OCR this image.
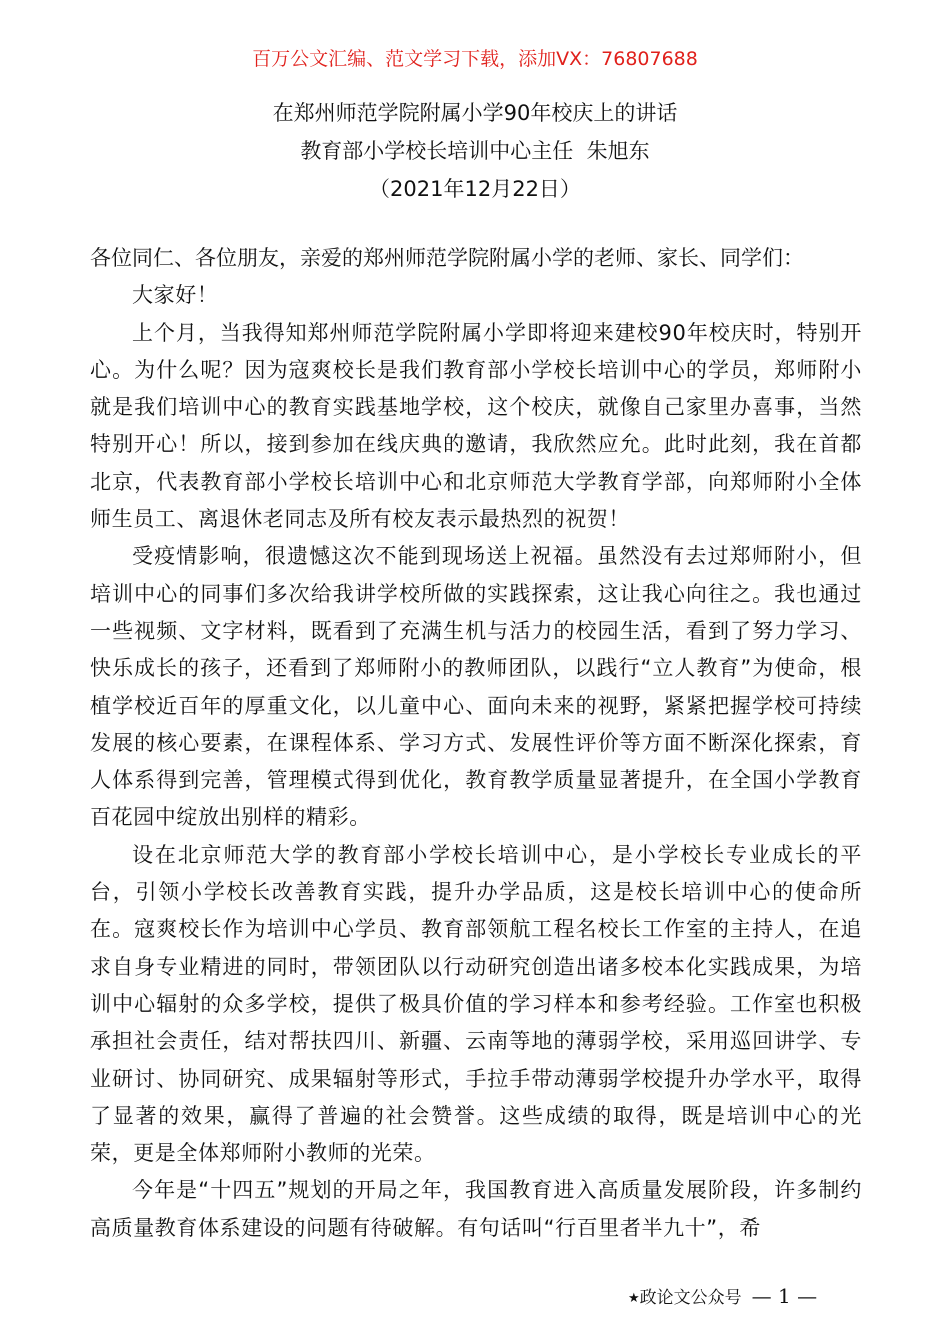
百万公文汇编、范文学习下载，添加VX：76807688
在郑州师范学院附属小学90年校庆上的讲话
教育部小学校长培训中心主任  朱旭东
（2021年12月22日）

各位同仁、各位朋友，亲爱的郑州师范学院附属小学的老师、家长、同学们：

大家好！

上个月，当我得知郑州师范学院附属小学即将迎来建校90年校庆时，特别开心。为什么呢？因为寇爽校长是我们教育部小学校长培训中心的学员，郑师附小就是我们培训中心的教育实践基地学校，这个校庆，就像自己家里办喜事，当然特别开心！所以，接到参加在线庆典的邀请，我欣然应允。此时此刻，我在首都北京，代表教育部小学校长培训中心和北京师范大学教育学部，向郑师附小全体师生员工、离退休老同志及所有校友表示最热烈的祝贺！

受疫情影响，很遗憾这次不能到现场送上祝福。虽然没有去过郑师附小，但培训中心的同事们多次给我讲学校所做的实践探索，这让我心向往之。我也通过一些视频、文字材料，既看到了充满生机与活力的校园生活，看到了努力学习、快乐成长的孩子，还看到了郑师附小的教师团队，以践行“立人教育”为使命，根植学校近百年的厚重文化，以儿童中心、面向未来的视野，紧紧把握学校可持续发展的核心要素，在课程体系、学习方式、发展性评价等方面不断深化探索，育人体系得到完善，管理模式得到优化，教育教学质量显著提升，在全国小学教育百花园中绽放出别样的精彩。

设在北京师范大学的教育部小学校长培训中心，是小学校长专业成长的平台，引领小学校长改善教育实践，提升办学品质，这是校长培训中心的使命所在。寇爽校长作为培训中心学员、教育部领航工程名校长工作室的主持人，在追求自身专业精进的同时，带领团队以行动研究创造出诸多校本化实践成果，为培训中心辐射的众多学校，提供了极具价值的学习样本和参考经验。工作室也积极承担社会责任，结对帮扶四川、新疆、云南等地的薄弱学校，采用巡回讲学、专业研讨、协同研究、成果辐射等形式，手拉手带动薄弱学校提升办学水平，取得了显著的效果，赢得了普遍的社会赞誉。这些成绩的取得，既是培训中心的光荣，更是全体郑师附小教师的光荣。

今年是“十四五”规划的开局之年，我国教育进入高质量发展阶段，许多制约高质量教育体系建设的问题有待破解。有句话叫“行百里者半九十”，希

★政论文公众号 — 1 —
